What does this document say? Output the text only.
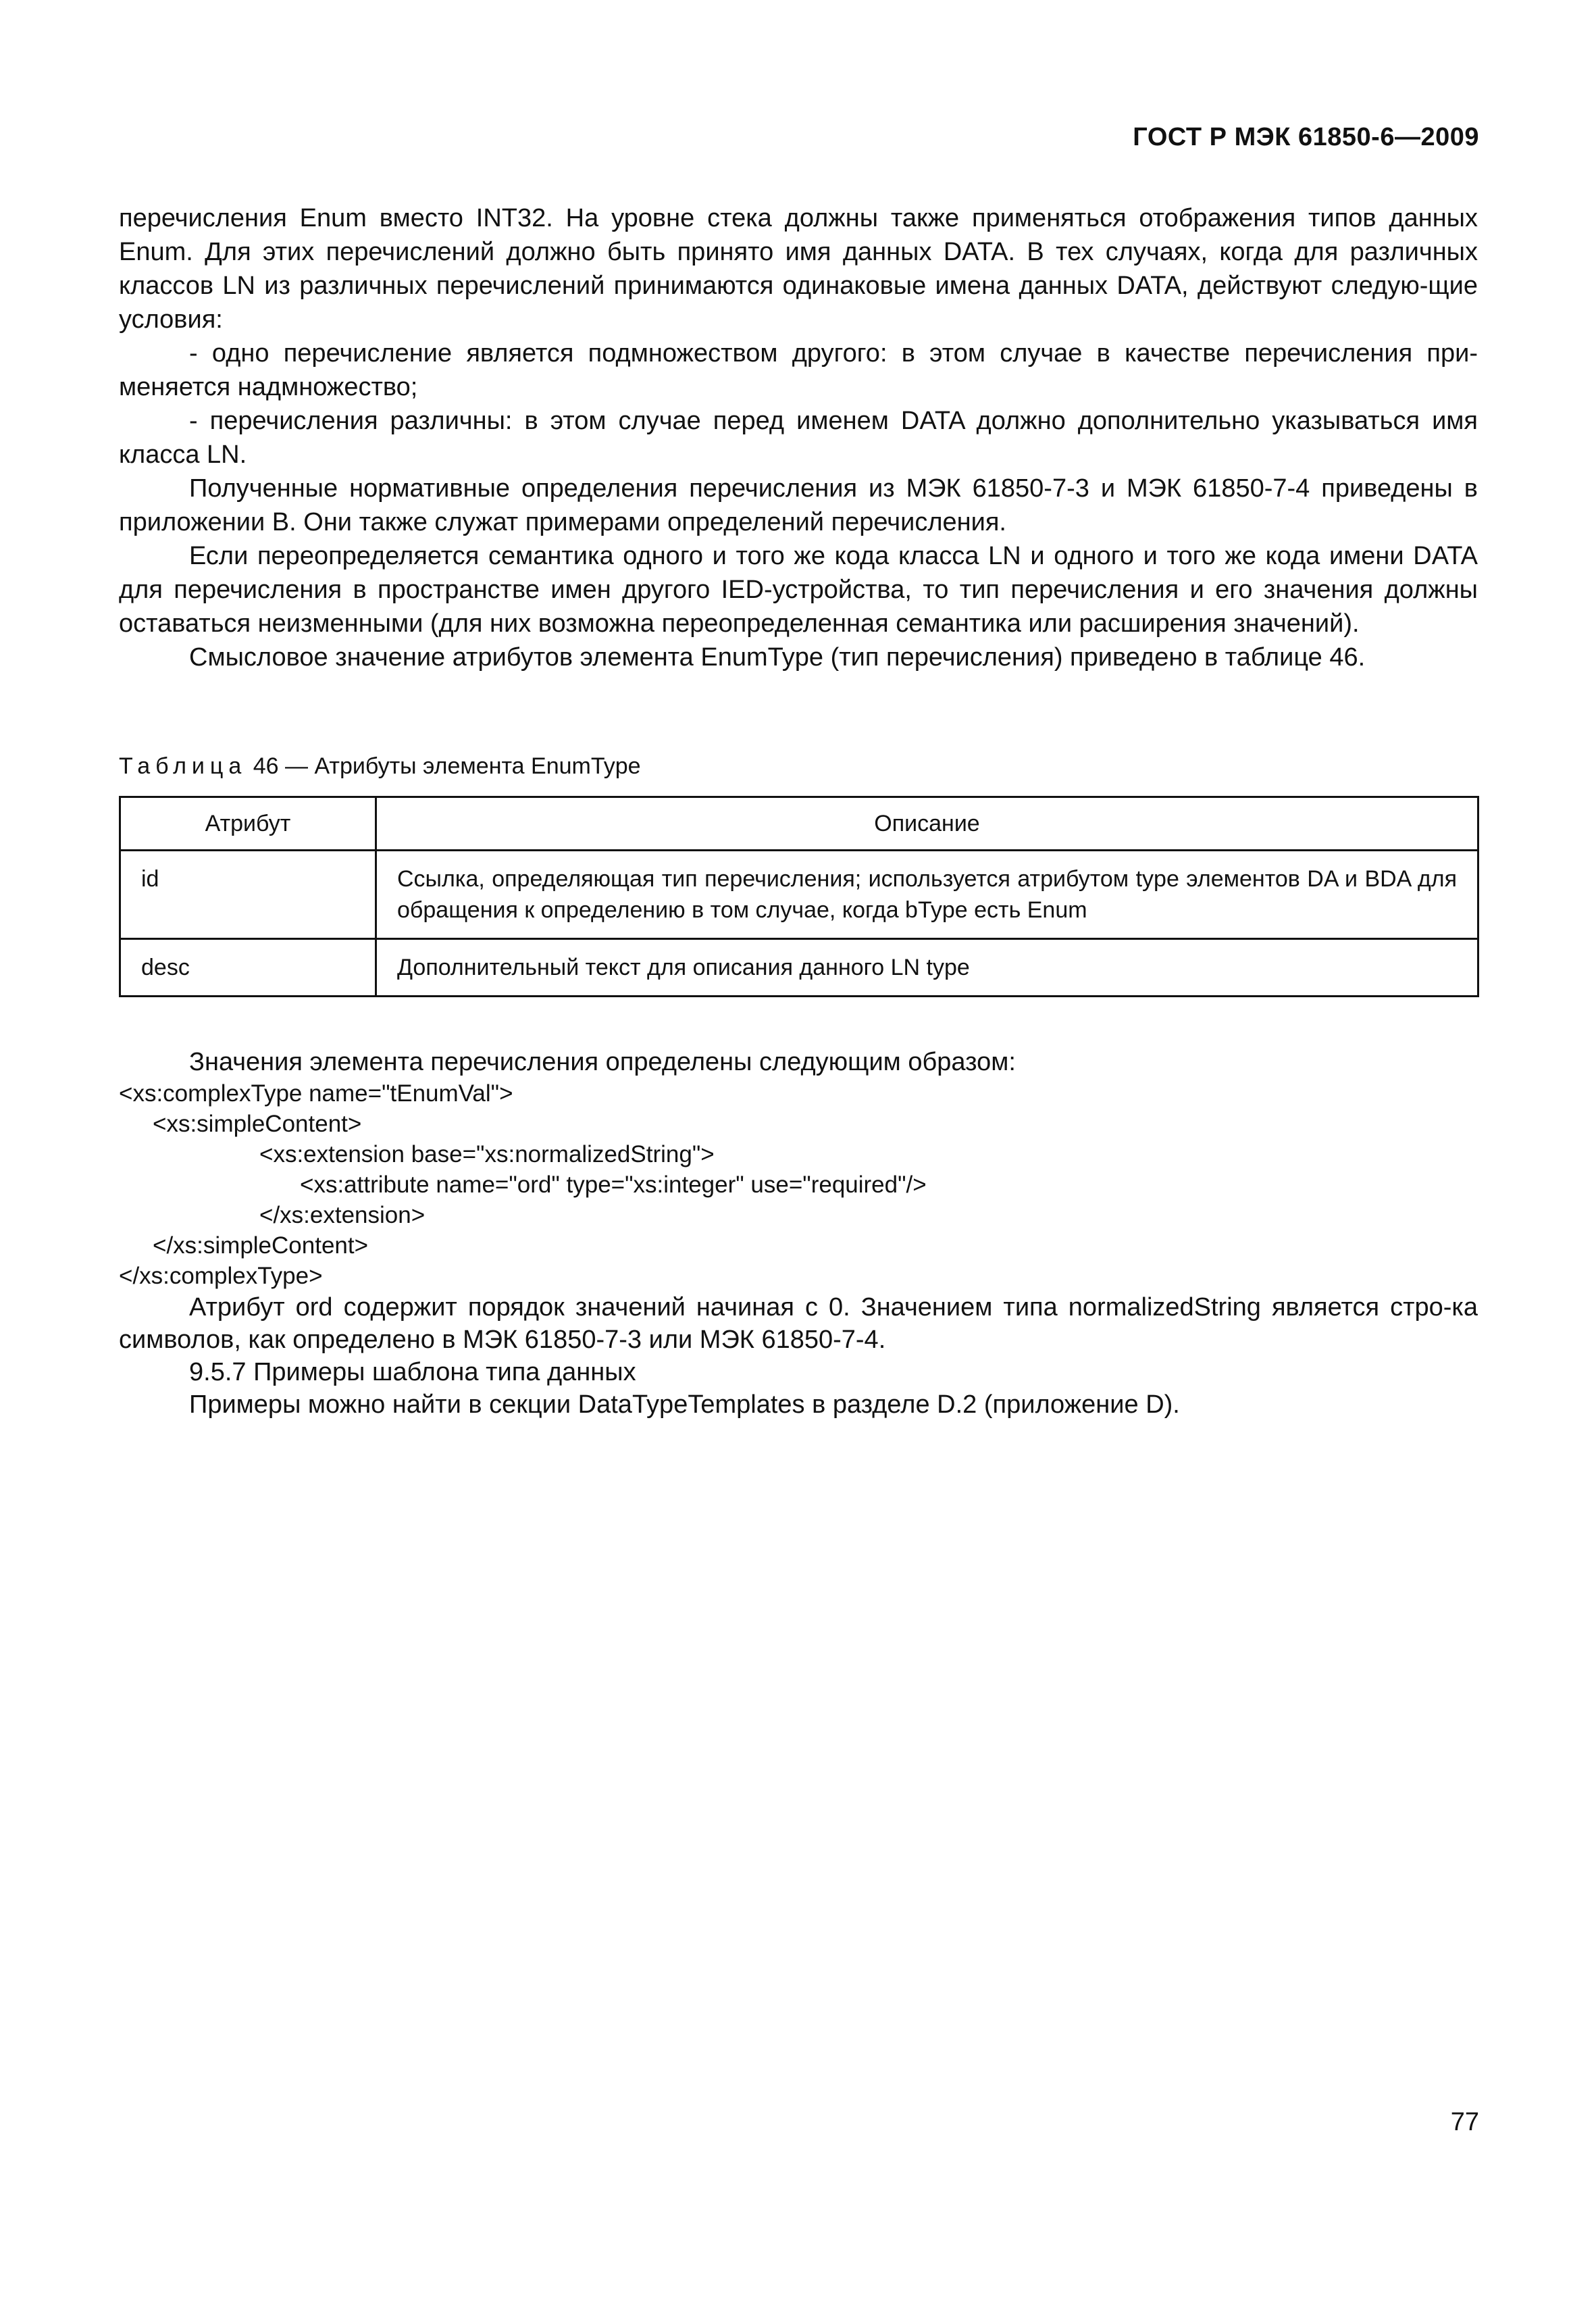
ГОСТ Р МЭК 61850-6—2009

перечисления Enum вместо INT32. На уровне стека должны также применяться отображения типов данных Enum. Для этих перечислений должно быть принято имя данных DATA. В тех случаях, когда для различных классов LN из различных перечислений принимаются одинаковые имена данных DATA, действуют следую-щие условия:

- одно перечисление является подмножеством другого: в этом случае в качестве перечисления при-меняется надмножество;

- перечисления различны: в этом случае перед именем DATA должно дополнительно указываться имя класса LN.

Полученные нормативные определения перечисления из МЭК 61850-7-3 и МЭК 61850-7-4 приведены в приложении В. Они также служат примерами определений перечисления.

Если переопределяется семантика одного и того же кода класса LN и одного и того же кода имени DATA для перечисления в пространстве имен другого IED-устройства, то тип перечисления и его значения должны оставаться неизменными (для них возможна переопределенная семантика или расширения значений).

Смысловое значение атрибутов элемента EnumType (тип перечисления) приведено в таблице 46.

Таблица 46 — Атрибуты элемента EnumType
Атрибут	Описание
id	Ссылка, определяющая тип перечисления; используется атрибутом type элементов DA и BDA для обращения к определению в том случае, когда bType есть Enum
desc	Дополнительный текст для описания данного LN type

Значения элемента перечисления определены следующим образом:

<xs:complexType name="tEnumVal">

<xs:simpleContent>

<xs:extension base="xs:normalizedString">

<xs:attribute name="ord" type="xs:integer" use="required"/>

</xs:extension>

</xs:simpleContent>

</xs:complexType>

Атрибут ord содержит порядок значений начиная с 0. Значением типа normalizedString является стро-ка символов, как определено в МЭК 61850-7-3 или МЭК 61850-7-4.

9.5.7 Примеры шаблона типа данных

Примеры можно найти в секции DataTypeTemplates в разделе D.2 (приложение D).

77
